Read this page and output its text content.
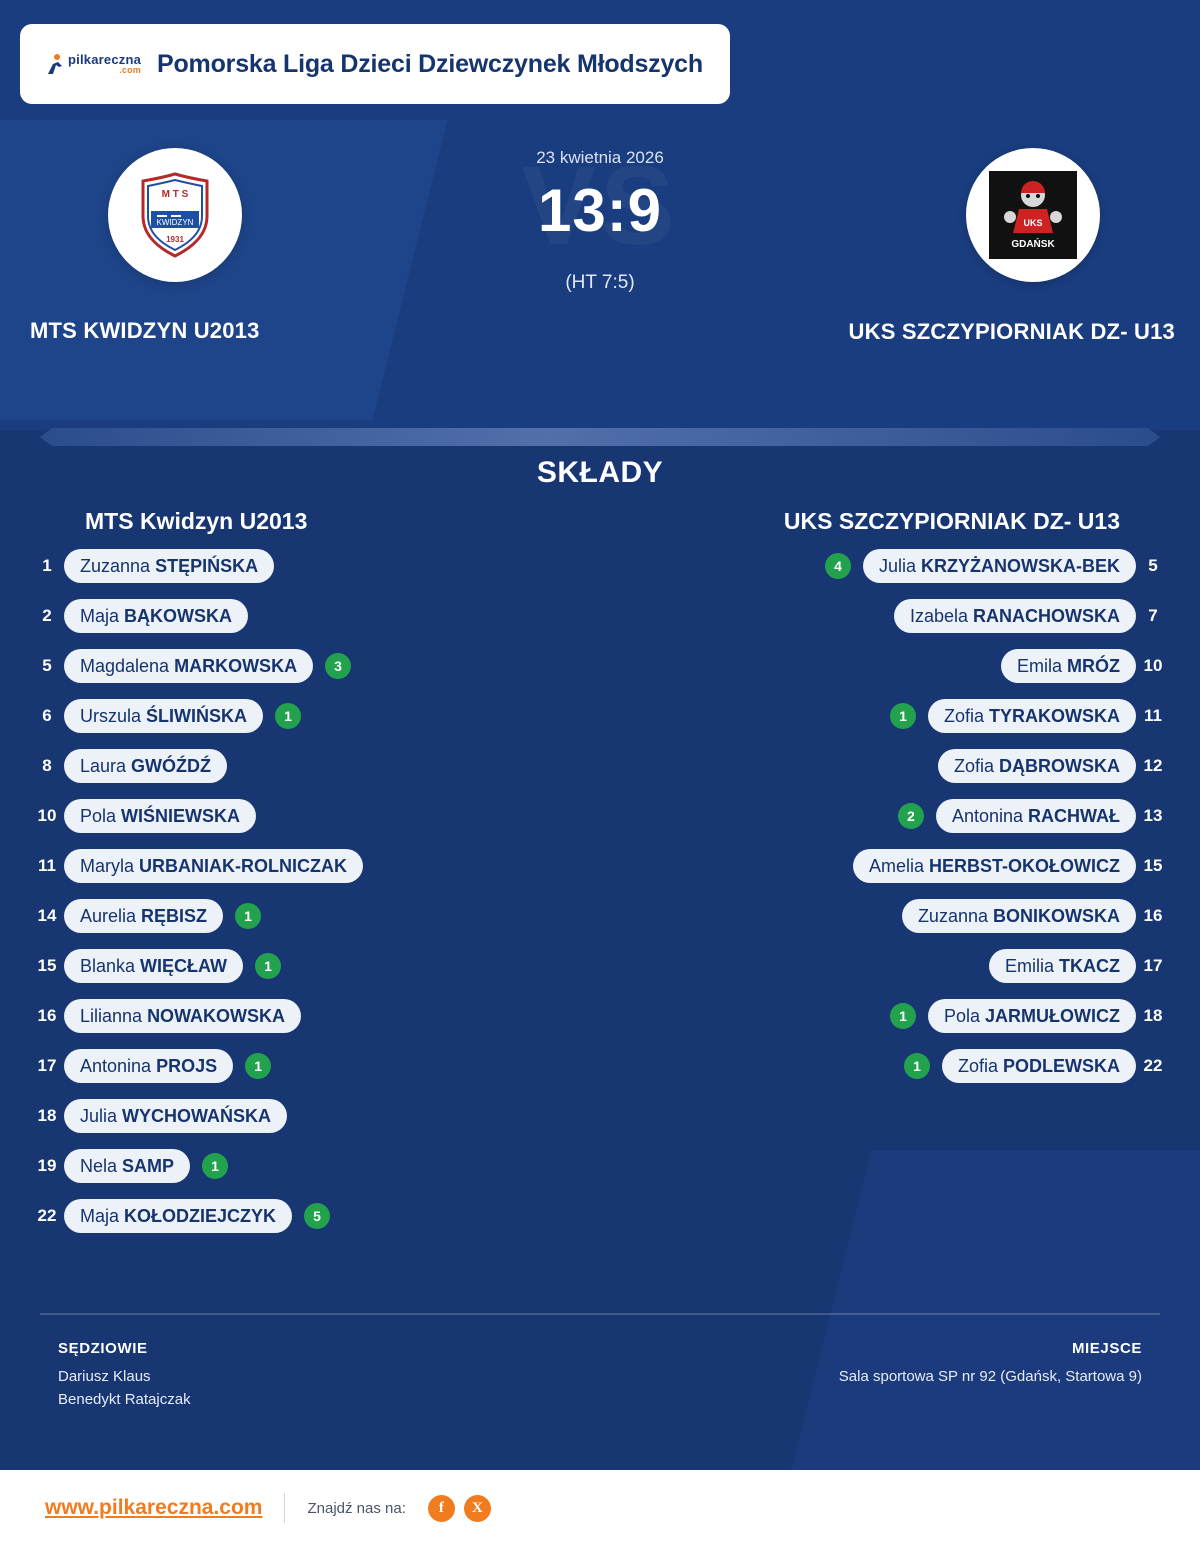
pilkareczna
.com Pomorska Liga Dzieci Dziewczynek Młodszych
23 kwietnia 2026
13:9
(HT 7:5)
M T S
KWIDZYN
1931	GDAŃSK
UKS
MTS KWIDZYN U2013	UKS SZCZYPIORNIAK DZ- U13
SKŁADY
MTS Kwidzyn U2013
1	Zuzanna STĘPIŃSKA
2	Maja BĄKOWSKA
5	Magdalena MARKOWSKA	3
6	Urszula ŚLIWIŃSKA	1
8	Laura GWÓŹDŹ
10	Pola WIŚNIEWSKA
11	Maryla URBANIAK-ROLNICZAK
14	Aurelia RĘBISZ	1
15	Blanka WIĘCŁAW	1
16	Lilianna NOWAKOWSKA
17	Antonina PROJS	1
18	Julia WYCHOWAŃSKA
19	Nela SAMP	1
22	Maja KOŁODZIEJCZYK	5
UKS SZCZYPIORNIAK DZ- U13
4	Julia KRZYŻANOWSKA-BEK	5
Izabela RANACHOWSKA	7
Emila MRÓZ	10
1	Zofia TYRAKOWSKA	11
Zofia DĄBROWSKA	12
2	Antonina RACHWAŁ	13
Amelia HERBST-OKOŁOWICZ	15
Zuzanna BONIKOWSKA	16
Emilia TKACZ	17
1	Pola JARMUŁOWICZ	18
1	Zofia PODLEWSKA	22
SĘDZIOWIE
Dariusz Klaus
Benedykt Ratajczak
MIEJSCE
Sala sportowa SP nr 92 (Gdańsk, Startowa 9)
www.pilkareczna.com	Znajdź nas na:	f	X
